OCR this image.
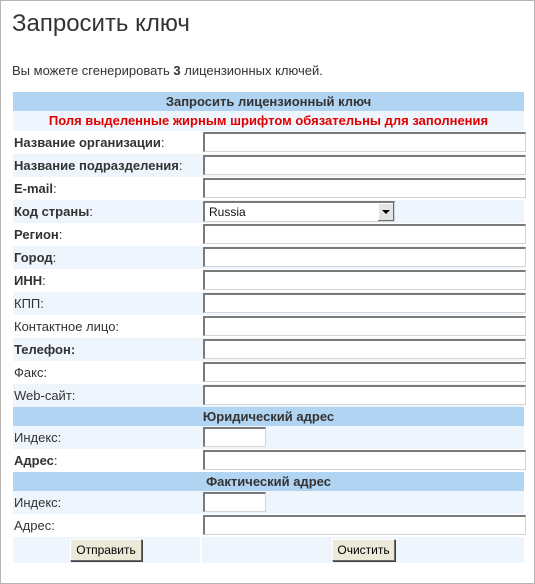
Запросить ключ
Вы можете сгенерировать 3 лицензионных ключей.
Запросить лицензионный ключ
Поля выделенные жирным шрифтом обязательны для заполнения
Название организации:
Название подразделения:
E-mail:
Код страны:	Russia
Регион:
Город:
ИНН:
КПП:
Контактное лицо:
Телефон:
Факс:
Web-сайт:
Юридический адрес
Индекс:
Адрес:
Фактический адрес
Индекс:
Адрес:
Отправить	Очистить
